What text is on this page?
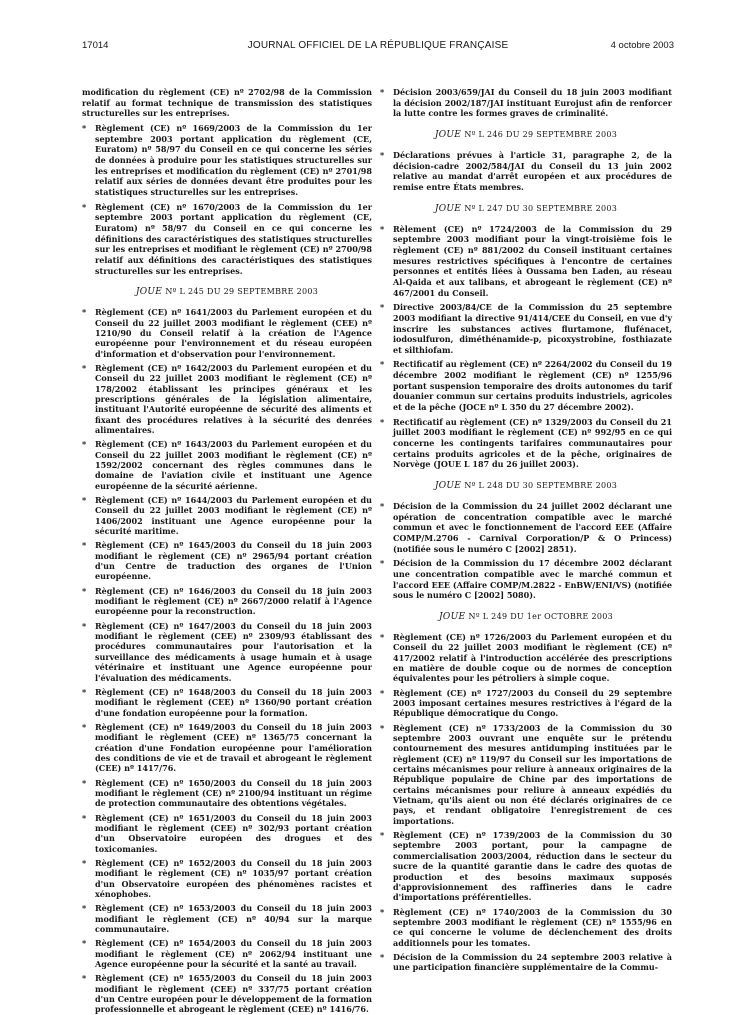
17014	JOURNAL OFFICIEL DE LA RÉPUBLIQUE FRANÇAISE	4 octobre 2003

modification du règlement (CE) nº 2702/98 de la Commission relatif au format technique de transmission des statistiques structurelles sur les entreprises.

* Règlement (CE) nº 1669/2003 de la Commission du 1er septembre 2003 portant application du règlement (CE, Euratom) nº 58/97 du Conseil en ce qui concerne les séries de données à produire pour les statistiques structurelles sur les entreprises et modification du règlement (CE) nº 2701/98 relatif aux séries de données devant être produites pour les statistiques structurelles sur les entreprises.
* Règlement (CE) nº 1670/2003 de la Commission du 1er septembre 2003 portant application du règlement (CE, Euratom) nº 58/97 du Conseil en ce qui concerne les définitions des caractéristiques des statistiques structurelles sur les entreprises et modifiant le règlement (CE) nº 2700/98 relatif aux définitions des caractéristiques des statistiques structurelles sur les entreprises.
JOUE Nº L 245 DU 29 SEPTEMBRE 2003
* Règlement (CE) nº 1641/2003 du Parlement européen et du Conseil du 22 juillet 2003 modifiant le règlement (CEE) nº 1210/90 du Conseil relatif à la création de l'Agence européenne pour l'environnement et du réseau européen d'information et d'observation pour l'environnement.
* Règlement (CE) nº 1642/2003 du Parlement européen et du Conseil du 22 juillet 2003 modifiant le règlement (CE) nº 178/2002 établissant les principes généraux et les prescriptions générales de la législation alimentaire, instituant l'Autorité européenne de sécurité des aliments et fixant des procédures relatives à la sécurité des denrées alimentaires.
* Règlement (CE) nº 1643/2003 du Parlement européen et du Conseil du 22 juillet 2003 modifiant le règlement (CE) nº 1592/2002 concernant des règles communes dans le domaine de l'aviation civile et instituant une Agence européenne de la sécurité aérienne.
* Règlement (CE) nº 1644/2003 du Parlement européen et du Conseil du 22 juillet 2003 modifiant le règlement (CE) nº 1406/2002 instituant une Agence européenne pour la sécurité maritime.
* Règlement (CE) nº 1645/2003 du Conseil du 18 juin 2003 modifiant le règlement (CE) nº 2965/94 portant création d'un Centre de traduction des organes de l'Union européenne.
* Règlement (CE) nº 1646/2003 du Conseil du 18 juin 2003 modifiant le règlement (CE) nº 2667/2000 relatif à l'Agence européenne pour la reconstruction.
* Règlement (CE) nº 1647/2003 du Conseil du 18 juin 2003 modifiant le règlement (CEE) nº 2309/93 établissant des procédures communautaires pour l'autorisation et la surveillance des médicaments à usage humain et à usage vétérinaire et instituant une Agence européenne pour l'évaluation des médicaments.
* Règlement (CE) nº 1648/2003 du Conseil du 18 juin 2003 modifiant le règlement (CEE) nº 1360/90 portant création d'une fondation européenne pour la formation.
* Règlement (CE) nº 1649/2003 du Conseil du 18 juin 2003 modifiant le règlement (CEE) nº 1365/75 concernant la création d'une Fondation européenne pour l'amélioration des conditions de vie et de travail et abrogeant le règlement (CEE) nº 1417/76.
* Règlement (CE) nº 1650/2003 du Conseil du 18 juin 2003 modifiant le règlement (CE) nº 2100/94 instituant un régime de protection communautaire des obtentions végétales.
* Règlement (CE) nº 1651/2003 du Conseil du 18 juin 2003 modifiant le règlement (CEE) nº 302/93 portant création d'un Observatoire européen des drogues et des toxicomanies.
* Règlement (CE) nº 1652/2003 du Conseil du 18 juin 2003 modifiant le règlement (CE) nº 1035/97 portant création d'un Observatoire européen des phénomènes racistes et xénophobes.
* Règlement (CE) nº 1653/2003 du Conseil du 18 juin 2003 modifiant le règlement (CE) nº 40/94 sur la marque communautaire.
* Règlement (CE) nº 1654/2003 du Conseil du 18 juin 2003 modifiant le règlement (CE) nº 2062/94 instituant une Agence européenne pour la sécurité et la santé au travail.
* Règlement (CE) nº 1655/2003 du Conseil du 18 juin 2003 modifiant le règlement (CEE) nº 337/75 portant création d'un Centre européen pour le développement de la formation professionnelle et abrogeant le règlement (CEE) nº 1416/76.
* Décision 2003/659/JAI du Conseil du 18 juin 2003 modifiant la décision 2002/187/JAI instituant Eurojust afin de renforcer la lutte contre les formes graves de criminalité.
JOUE Nº L 246 DU 29 SEPTEMBRE 2003
* Déclarations prévues à l'article 31, paragraphe 2, de la décision-cadre 2002/584/JAI du Conseil du 13 juin 2002 relative au mandat d'arrêt européen et aux procédures de remise entre États membres.
JOUE Nº L 247 DU 30 SEPTEMBRE 2003
* Rèlement (CE) nº 1724/2003 de la Commission du 29 septembre 2003 modifiant pour la vingt-troisième fois le règlement (CE) nº 881/2002 du Conseil instituant certaines mesures restrictives spécifiques à l'encontre de certaines personnes et entités liées à Oussama ben Laden, au réseau Al-Qaida et aux talibans, et abrogeant le règlement (CE) nº 467/2001 du Conseil.
* Directive 2003/84/CE de la Commission du 25 septembre 2003 modifiant la directive 91/414/CEE du Conseil, en vue d'y inscrire les substances actives flurtamone, flufénacet, iodosulfuron, diméthénamide-p, picoxystrobine, fosthiazate et silthiofam.
* Rectificatif au règlement (CE) nº 2264/2002 du Conseil du 19 décembre 2002 modifiant le règlement (CE) nº 1255/96 portant suspension temporaire des droits autonomes du tarif douanier commun sur certains produits industriels, agricoles et de la pêche (JOCE nº L 350 du 27 décembre 2002).
* Rectificatif au règlement (CE) nº 1329/2003 du Conseil du 21 juillet 2003 modifiant le règlement (CE) nº 992/95 en ce qui concerne les contingents tarifaires communautaires pour certains produits agricoles et de la pêche, originaires de Norvège (JOUE L 187 du 26 juillet 2003).
JOUE Nº L 248 DU 30 SEPTEMBRE 2003
* Décision de la Commission du 24 juillet 2002 déclarant une opération de concentration compatible avec le marché commun et avec le fonctionnement de l'accord EEE (Affaire COMP/M.2706 - Carnival Corporation/P & O Princess) (notifiée sous le numéro C [2002] 2851).
* Décision de la Commission du 17 décembre 2002 déclarant une concentration compatible avec le marché commun et l'accord EEE (Affaire COMP/M.2822 - EnBW/ENI/VS) (notifiée sous le numéro C [2002] 5080).
JOUE Nº L 249 DU 1er OCTOBRE 2003
* Règlement (CE) nº 1726/2003 du Parlement européen et du Conseil du 22 juillet 2003 modifiant le règlement (CE) nº 417/2002 relatif à l'introduction accélérée des prescriptions en matière de double coque ou de normes de conception équivalentes pour les pétroliers à simple coque.
* Règlement (CE) nº 1727/2003 du Conseil du 29 septembre 2003 imposant certaines mesures restrictives à l'égard de la République démocratique du Congo.
* Règlement (CE) nº 1733/2003 de la Commission du 30 septembre 2003 ouvrant une enquête sur le prétendu contournement des mesures antidumping instituées par le règlement (CE) nº 119/97 du Conseil sur les importations de certains mécanismes pour reliure à anneaux originaires de la République populaire de Chine par des importations de certains mécanismes pour reliure à anneaux expédiés du Vietnam, qu'ils aient ou non été déclarés originaires de ce pays, et rendant obligatoire l'enregistrement de ces importations.
* Règlement (CE) nº 1739/2003 de la Commission du 30 septembre 2003 portant, pour la campagne de commercialisation 2003/2004, réduction dans le secteur du sucre de la quantité garantie dans le cadre des quotas de production et des besoins maximaux supposés d'approvisionnement des raffineries dans le cadre d'importations préférentielles.
* Règlement (CE) nº 1740/2003 de la Commission du 30 septembre 2003 modifiant le règlement (CE) nº 1555/96 en ce qui concerne le volume de déclenchement des droits additionnels pour les tomates.
* Décision de la Commission du 24 septembre 2003 relative à une participation financière supplémentaire de la Commu-
